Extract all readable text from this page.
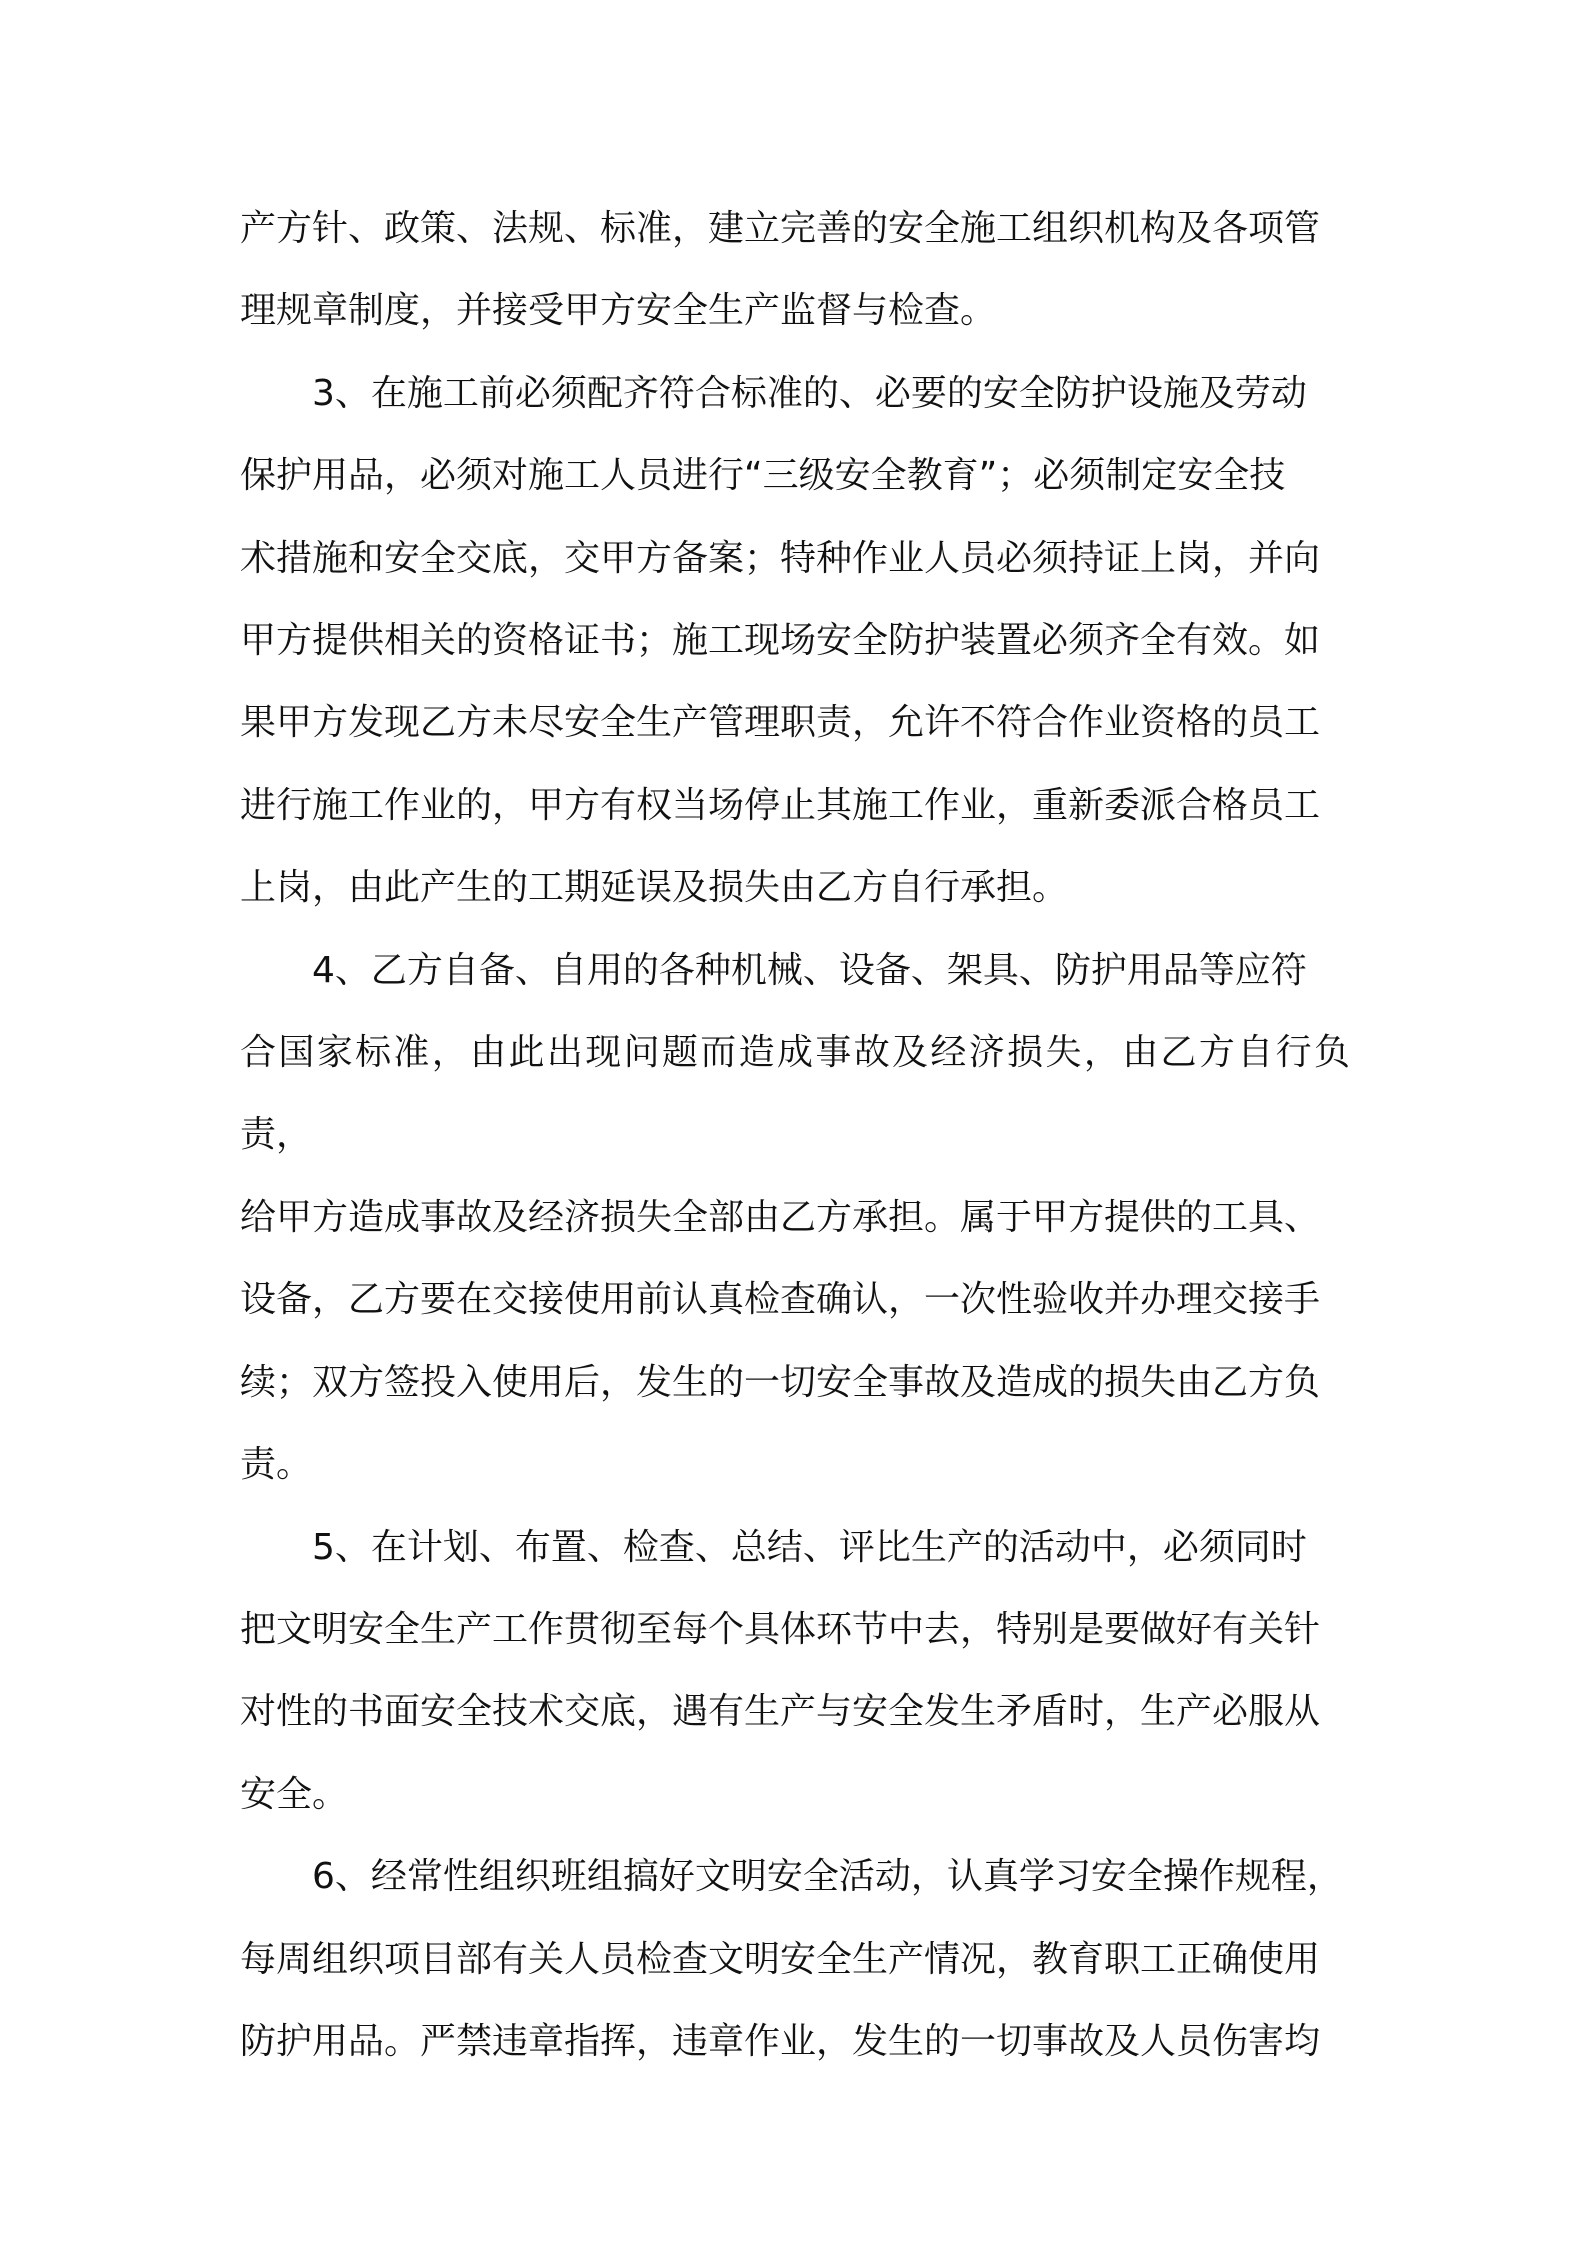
产方针、政策、法规、标准，建立完善的安全施工组织机构及各项管
理规章制度，并接受甲方安全生产监督与检查。

3、在施工前必须配齐符合标准的、必要的安全防护设施及劳动
保护用品，必须对施工人员进行“三级安全教育”；必须制定安全技
术措施和安全交底，交甲方备案；特种作业人员必须持证上岗，并向
甲方提供相关的资格证书；施工现场安全防护装置必须齐全有效。如
果甲方发现乙方未尽安全生产管理职责，允许不符合作业资格的员工
进行施工作业的，甲方有权当场停止其施工作业，重新委派合格员工
上岗，由此产生的工期延误及损失由乙方自行承担。

4、乙方自备、自用的各种机械、设备、架具、防护用品等应符
合国家标准，由此出现问题而造成事故及经济损失，由乙方自行负责，
给甲方造成事故及经济损失全部由乙方承担。属于甲方提供的工具、
设备，乙方要在交接使用前认真检查确认，一次性验收并办理交接手
续；双方签投入使用后，发生的一切安全事故及造成的损失由乙方负
责。

5、在计划、布置、检查、总结、评比生产的活动中，必须同时
把文明安全生产工作贯彻至每个具体环节中去，特别是要做好有关针
对性的书面安全技术交底，遇有生产与安全发生矛盾时，生产必服从
安全。

6、经常性组织班组搞好文明安全活动，认真学习安全操作规程，
每周组织项目部有关人员检查文明安全生产情况，教育职工正确使用
防护用品。严禁违章指挥，违章作业，发生的一切事故及人员伤害均
